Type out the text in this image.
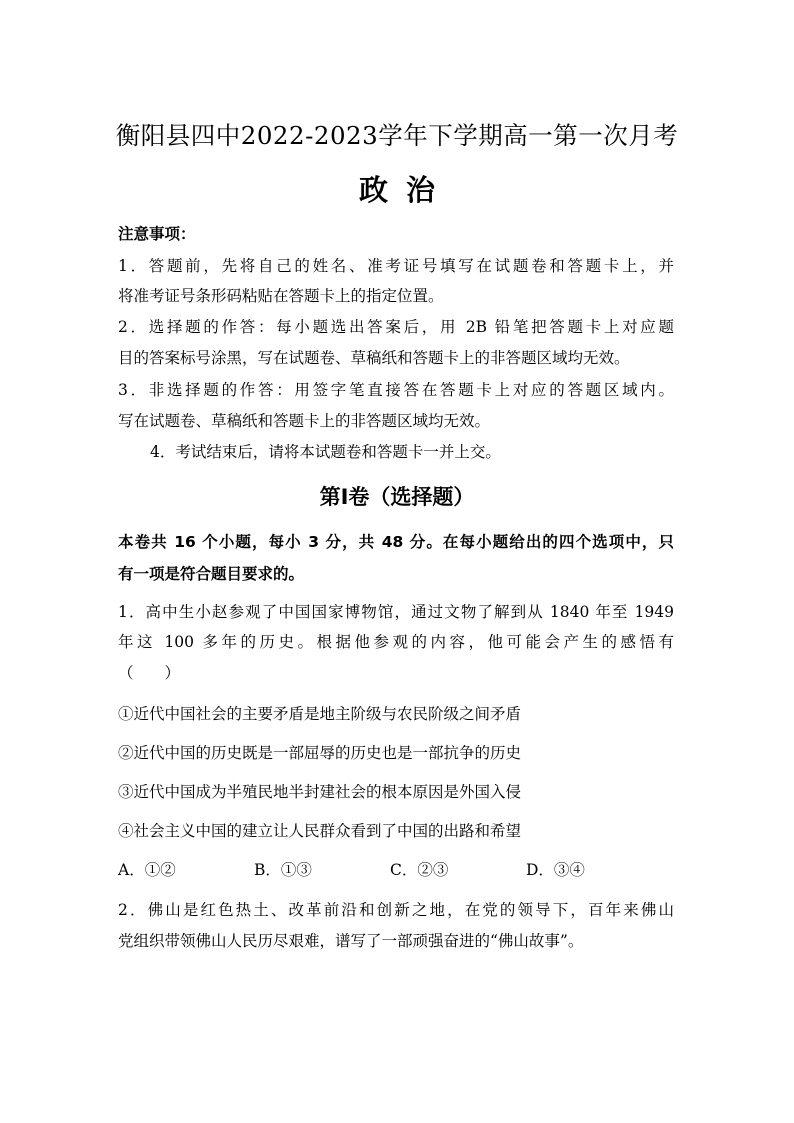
衡阳县四中2022-2023学年下学期高一第一次月考
政治
注意事项：
1．答题前，先将自己的姓名、准考证号填写在试题卷和答题卡上，并
将准考证号条形码粘贴在答题卡上的指定位置。
2．选择题的作答：每小题选出答案后，用 2B 铅笔把答题卡上对应题
目的答案标号涂黑，写在试题卷、草稿纸和答题卡上的非答题区域均无效。
3．非选择题的作答：用签字笔直接答在答题卡上对应的答题区域内。
写在试题卷、草稿纸和答题卡上的非答题区域均无效。
4．考试结束后，请将本试题卷和答题卡一并上交。
第Ⅰ卷（选择题）
本卷共 16 个小题，每小 3 分，共 48 分。在每小题给出的四个选项中，只
有一项是符合题目要求的。
1．高中生小赵参观了中国国家博物馆，通过文物了解到从 1840 年至 1949
年这 100 多年的历史。根据他参观的内容，他可能会产生的感悟有
（　　）
①近代中国社会的主要矛盾是地主阶级与农民阶级之间矛盾
②近代中国的历史既是一部屈辱的历史也是一部抗争的历史
③近代中国成为半殖民地半封建社会的根本原因是外国入侵
④社会主义中国的建立让人民群众看到了中国的出路和希望
A．①②	B．①③	C．②③	D．③④
2．佛山是红色热土、改革前沿和创新之地，在党的领导下，百年来佛山
党组织带领佛山人民历尽艰难，谱写了一部顽强奋进的“佛山故事”。
